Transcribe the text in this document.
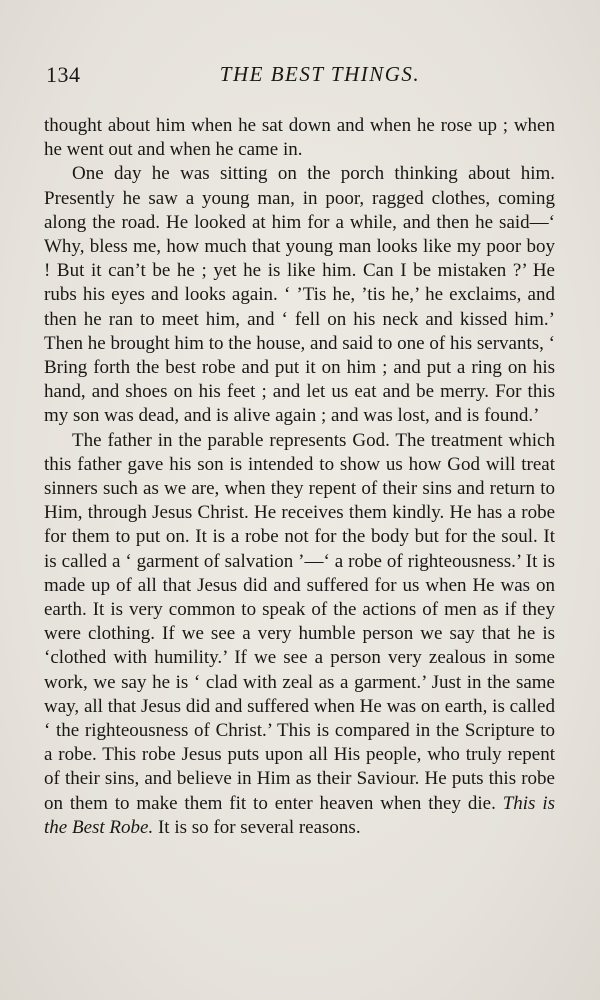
134	THE BEST THINGS.

thought about him when he sat down and when he rose up ; when he went out and when he came in.

One day he was sitting on the porch thinking about him. Presently he saw a young man, in poor, ragged clothes, coming along the road. He looked at him for a while, and then he said—‘ Why, bless me, how much that young man looks like my poor boy ! But it can’t be he ; yet he is like him. Can I be mistaken ?’ He rubs his eyes and looks again. ‘ ’Tis he, ’tis he,’ he exclaims, and then he ran to meet him, and ‘ fell on his neck and kissed him.’ Then he brought him to the house, and said to one of his servants, ‘ Bring forth the best robe and put it on him ; and put a ring on his hand, and shoes on his feet ; and let us eat and be merry. For this my son was dead, and is alive again ; and was lost, and is found.’

The father in the parable represents God. The treatment which this father gave his son is intended to show us how God will treat sinners such as we are, when they repent of their sins and return to Him, through Jesus Christ. He receives them kindly. He has a robe for them to put on. It is a robe not for the body but for the soul. It is called a ‘ garment of salvation ’—‘ a robe of righteousness.’ It is made up of all that Jesus did and suffered for us when He was on earth. It is very common to speak of the actions of men as if they were clothing. If we see a very humble person we say that he is ‘clothed with humility.’ If we see a person very zealous in some work, we say he is ‘ clad with zeal as a garment.’ Just in the same way, all that Jesus did and suffered when He was on earth, is called ‘ the righteousness of Christ.’ This is compared in the Scripture to a robe. This robe Jesus puts upon all His people, who truly repent of their sins, and believe in Him as their Saviour. He puts this robe on them to make them fit to enter heaven when they die. This is the Best Robe. It is so for several reasons.
